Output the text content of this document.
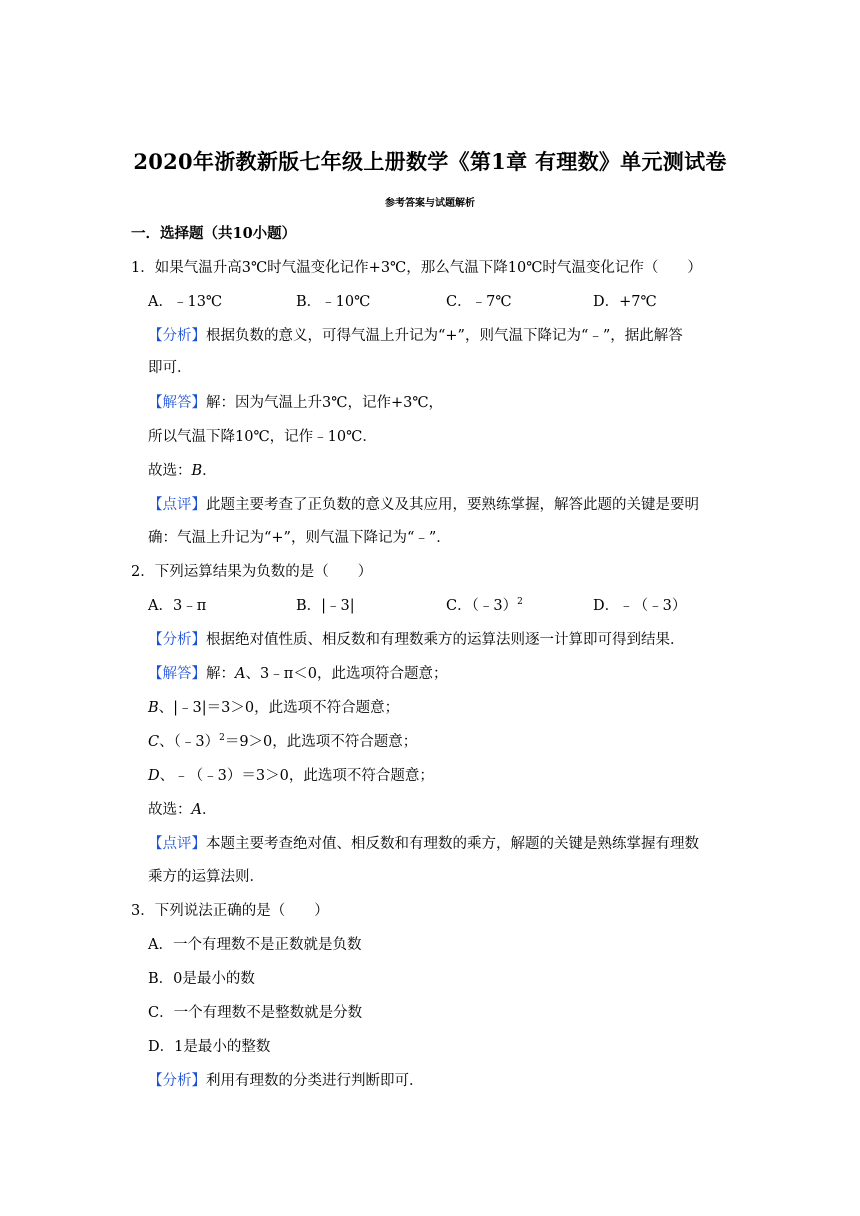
2020年浙教新版七年级上册数学《第1章 有理数》单元测试卷
参考答案与试题解析
一．选择题（共10小题）
1．如果气温升高3℃时气温变化记作+3℃，那么气温下降10℃时气温变化记作（　　）
A．﹣13℃	B．﹣10℃	C．﹣7℃	D．+7℃
【分析】根据负数的意义，可得气温上升记为“+”，则气温下降记为“﹣”，据此解答
即可．
【解答】解：因为气温上升3℃，记作+3℃，
所以气温下降10℃，记作﹣10℃．
故选：B．
【点评】此题主要考查了正负数的意义及其应用，要熟练掌握，解答此题的关键是要明
确：气温上升记为“+”，则气温下降记为“﹣”．
2．下列运算结果为负数的是（　　）
A．3﹣π	B．|﹣3|	C．（﹣3）$^2$	D．﹣（﹣3）
【分析】根据绝对值性质、相反数和有理数乘方的运算法则逐一计算即可得到结果．
【解答】解：A、3﹣π＜0，此选项符合题意；
B、|﹣3|＝3＞0，此选项不符合题意；
C、（﹣3）$^2$＝9＞0，此选项不符合题意；
D、﹣（﹣3）＝3＞0，此选项不符合题意；
故选：A．
【点评】本题主要考查绝对值、相反数和有理数的乘方，解题的关键是熟练掌握有理数
乘方的运算法则．
3．下列说法正确的是（　　）
A．一个有理数不是正数就是负数
B．0是最小的数
C．一个有理数不是整数就是分数
D．1是最小的整数
【分析】利用有理数的分类进行判断即可．
